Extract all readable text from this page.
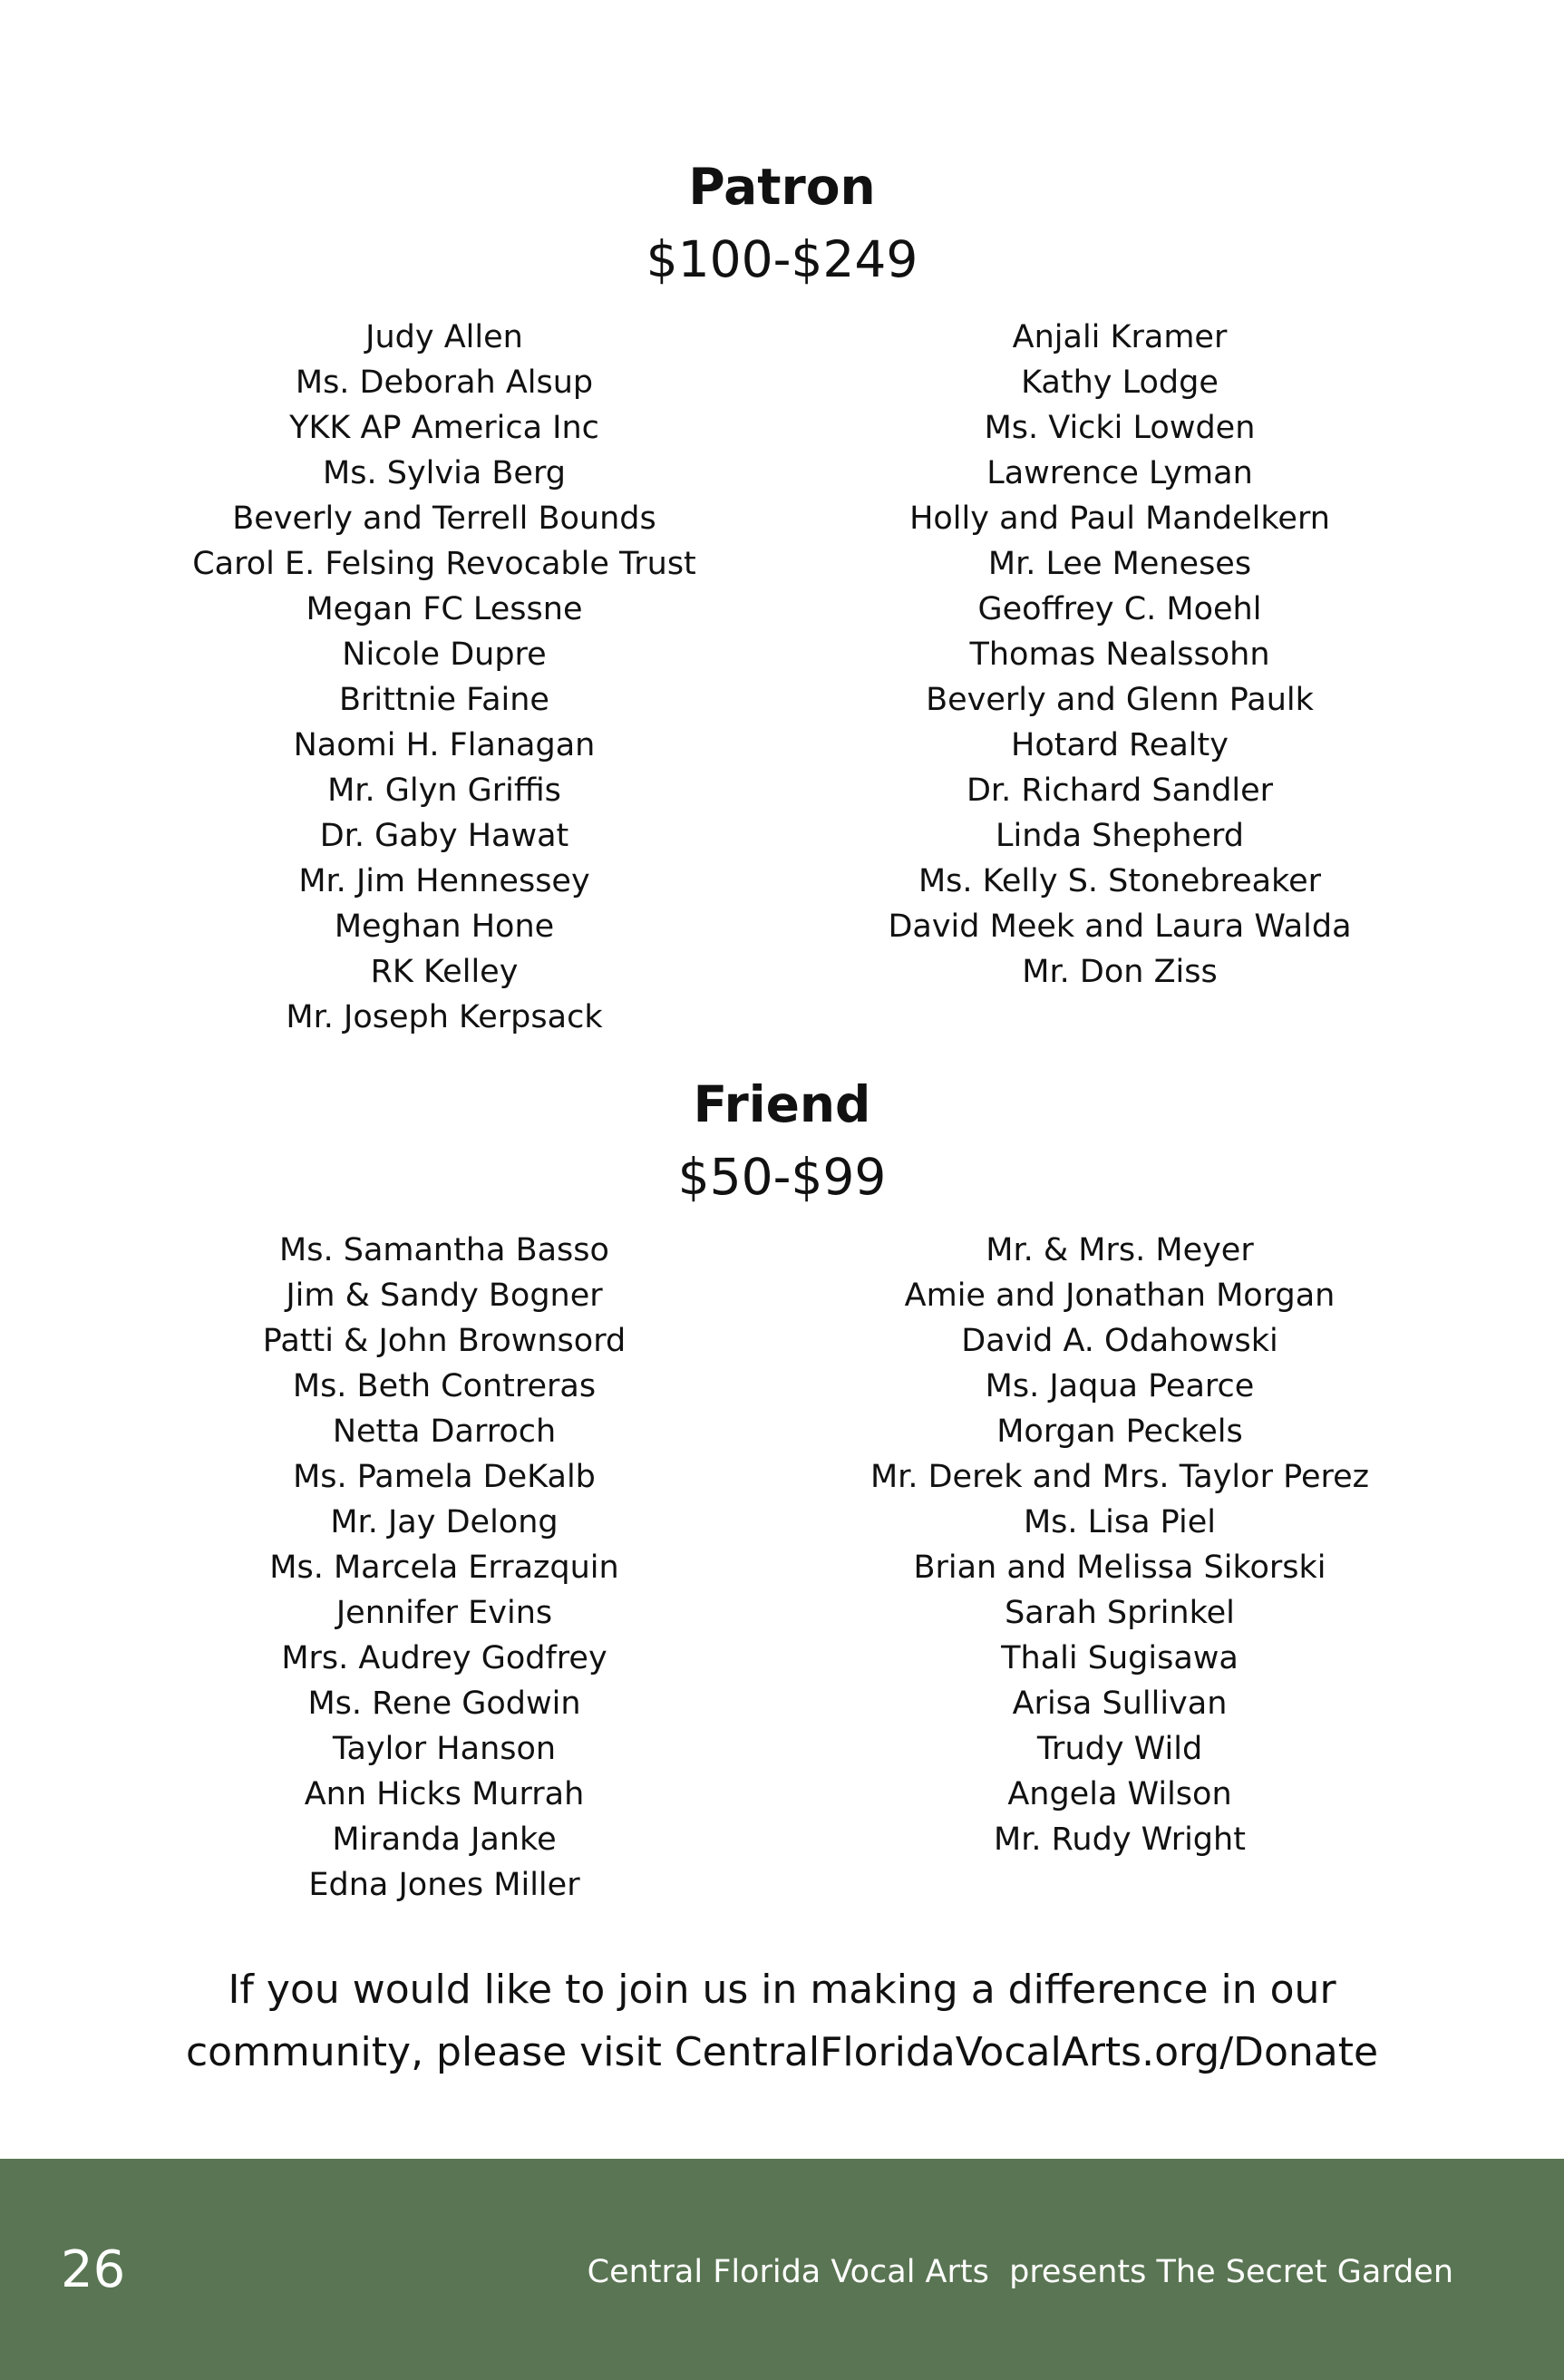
Patron
$100-$249
Judy Allen
Ms. Deborah Alsup
YKK AP America Inc
Ms. Sylvia Berg
Beverly and Terrell Bounds
Carol E. Felsing Revocable Trust
Megan FC Lessne
Nicole Dupre
Brittnie Faine
Naomi H. Flanagan
Mr. Glyn Griffis
Dr. Gaby Hawat
Mr. Jim Hennessey
Meghan Hone
RK Kelley
Mr. Joseph Kerpsack
Anjali Kramer
Kathy Lodge
Ms. Vicki Lowden
Lawrence Lyman
Holly and Paul Mandelkern
Mr. Lee Meneses
Geoffrey C. Moehl
Thomas Nealssohn
Beverly and Glenn Paulk
Hotard Realty
Dr. Richard Sandler
Linda Shepherd
Ms. Kelly S. Stonebreaker
David Meek and Laura Walda
Mr. Don Ziss
Friend
$50-$99
Ms. Samantha Basso
Jim & Sandy Bogner
Patti & John Brownsord
Ms. Beth Contreras
Netta Darroch
Ms. Pamela DeKalb
Mr. Jay Delong
Ms. Marcela Errazquin
Jennifer Evins
Mrs. Audrey Godfrey
Ms. Rene Godwin
Taylor Hanson
Ann Hicks Murrah
Miranda Janke
Edna Jones Miller
Mr. & Mrs. Meyer
Amie and Jonathan Morgan
David A. Odahowski
Ms. Jaqua Pearce
Morgan Peckels
Mr. Derek and Mrs. Taylor Perez
Ms. Lisa Piel
Brian and Melissa Sikorski
Sarah Sprinkel
Thali Sugisawa
Arisa Sullivan
Trudy Wild
Angela Wilson
Mr. Rudy Wright

If you would like to join us in making a difference in our
community, please visit CentralFloridaVocalArts.org/Donate

26	Central Florida Vocal Arts  presents The Secret Garden
